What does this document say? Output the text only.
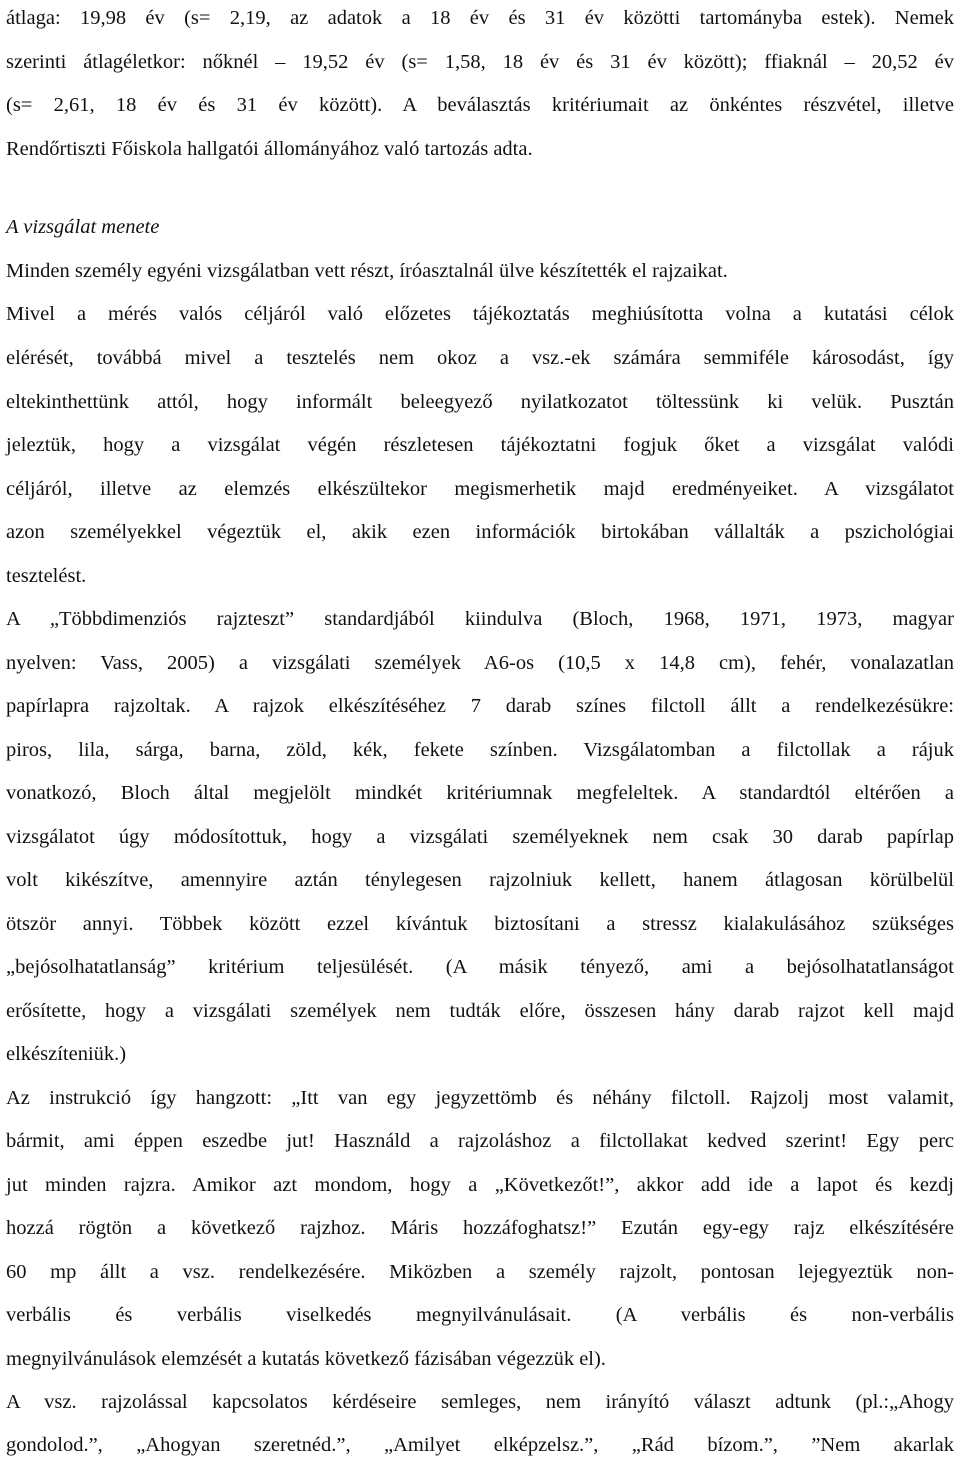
átlaga: 19,98 év (s= 2,19, az adatok a 18 év és 31 év közötti tartományba estek). Nemek
szerinti átlagéletkor: nőknél – 19,52 év (s= 1,58, 18 év és 31 év között); ffiaknál – 20,52 év
(s= 2,61, 18 év és 31 év között). A beválasztás kritériumait az önkéntes részvétel, illetve
Rendőrtiszti Főiskola hallgatói állományához való tartozás adta.
A vizsgálat menete
Minden személy egyéni vizsgálatban vett részt, íróasztalnál ülve készítették el rajzaikat.
Mivel a mérés valós céljáról való előzetes tájékoztatás meghiúsította volna a kutatási célok
elérését, továbbá mivel a tesztelés nem okoz a vsz.-ek számára semmiféle károsodást, így
eltekinthettünk attól, hogy informált beleegyező nyilatkozatot töltessünk ki velük. Pusztán
jeleztük, hogy a vizsgálat végén részletesen tájékoztatni fogjuk őket a vizsgálat valódi
céljáról, illetve az elemzés elkészültekor megismerhetik majd eredményeiket. A vizsgálatot
azon személyekkel végeztük el, akik ezen információk birtokában vállalták a pszichológiai
tesztelést.
A „Többdimenziós rajzteszt” standardjából kiindulva (Bloch, 1968, 1971, 1973, magyar
nyelven: Vass, 2005) a vizsgálati személyek A6-os (10,5 x 14,8 cm), fehér, vonalazatlan
papírlapra rajzoltak. A rajzok elkészítéséhez 7 darab színes filctoll állt a rendelkezésükre:
piros, lila, sárga, barna, zöld, kék, fekete színben. Vizsgálatomban a filctollak a rájuk
vonatkozó, Bloch által megjelölt mindkét kritériumnak megfeleltek. A standardtól eltérően a
vizsgálatot úgy módosítottuk, hogy a vizsgálati személyeknek nem csak 30 darab papírlap
volt kikészítve, amennyire aztán ténylegesen rajzolniuk kellett, hanem átlagosan körülbelül
ötször annyi. Többek között ezzel kívántuk biztosítani a stressz kialakulásához szükséges
„bejósolhatatlanság” kritérium teljesülését. (A másik tényező, ami a bejósolhatatlanságot
erősítette, hogy a vizsgálati személyek nem tudták előre, összesen hány darab rajzot kell majd
elkészíteniük.)
Az instrukció így hangzott: „Itt van egy jegyzettömb és néhány filctoll. Rajzolj most valamit,
bármit, ami éppen eszedbe jut! Használd a rajzoláshoz a filctollakat kedved szerint! Egy perc
jut minden rajzra. Amikor azt mondom, hogy a „Következőt!”, akkor add ide a lapot és kezdj
hozzá rögtön a következő rajzhoz. Máris hozzáfoghatsz!” Ezután egy-egy rajz elkészítésére
60 mp állt a vsz. rendelkezésére. Miközben a személy rajzolt, pontosan lejegyeztük non-
verbális és verbális viselkedés megnyilvánulásait. (A verbális és non-verbális
megnyilvánulások elemzését a kutatás következő fázisában végezzük el).
A vsz. rajzolással kapcsolatos kérdéseire semleges, nem irányító választ adtunk (pl.:„Ahogy
gondolod.”, „Ahogyan szeretnéd.”, „Amilyet elképzelsz.”, „Rád bízom.”, ”Nem akarlak
